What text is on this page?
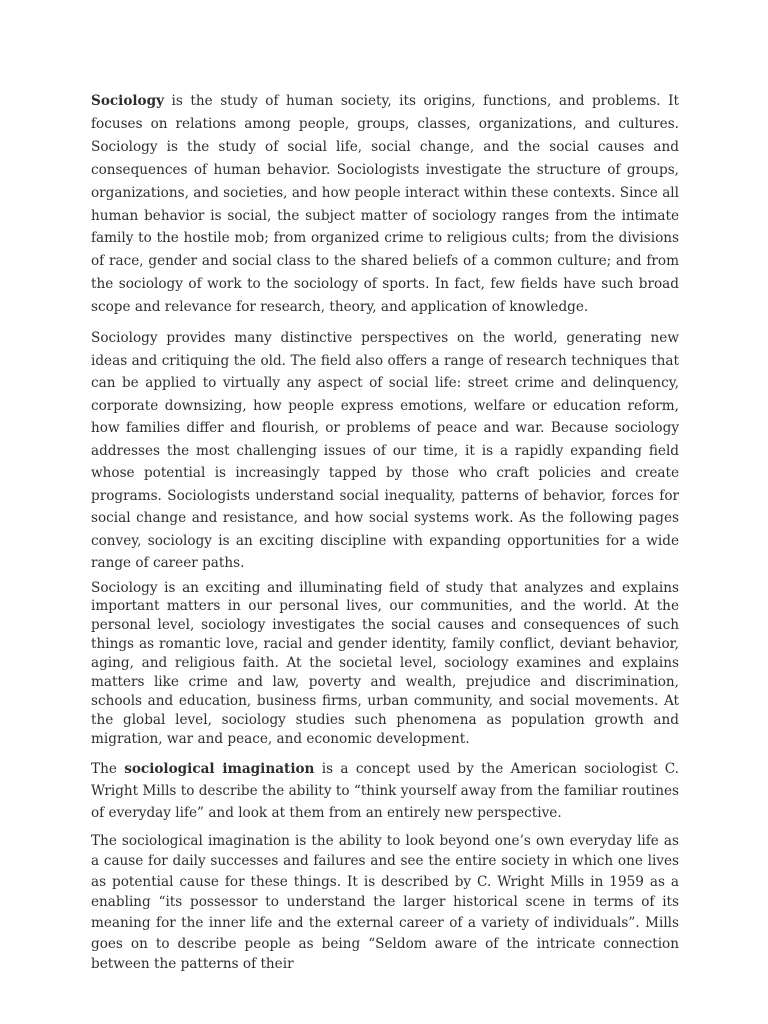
Sociology is the study of human society, its origins, functions, and problems. It focuses on relations among people, groups, classes, organizations, and cultures. Sociology is the study of social life, social change, and the social causes and consequences of human behavior. Sociologists investigate the structure of groups, organizations, and societies, and how people interact within these contexts. Since all human behavior is social, the subject matter of sociology ranges from the intimate family to the hostile mob; from organized crime to religious cults; from the divisions of race, gender and social class to the shared beliefs of a common culture; and from the sociology of work to the sociology of sports. In fact, few fields have such broad scope and relevance for research, theory, and application of knowledge.

Sociology provides many distinctive perspectives on the world, generating new ideas and critiquing the old. The field also offers a range of research techniques that can be applied to virtually any aspect of social life: street crime and delinquency, corporate downsizing, how people express emotions, welfare or education reform, how families differ and flourish, or problems of peace and war. Because sociology addresses the most challenging issues of our time, it is a rapidly expanding field whose potential is increasingly tapped by those who craft policies and create programs. Sociologists understand social inequality, patterns of behavior, forces for social change and resistance, and how social systems work. As the following pages convey, sociology is an exciting discipline with expanding opportunities for a wide range of career paths.

Sociology is an exciting and illuminating field of study that analyzes and explains important matters in our personal lives, our communities, and the world. At the personal level, sociology investigates the social causes and consequences of such things as romantic love, racial and gender identity, family conflict, deviant behavior, aging, and religious faith. At the societal level, sociology examines and explains matters like crime and law, poverty and wealth, prejudice and discrimination, schools and education, business firms, urban community, and social movements. At the global level, sociology studies such phenomena as population growth and migration, war and peace, and economic development.

The sociological imagination is a concept used by the American sociologist C. Wright Mills to describe the ability to “think yourself away from the familiar routines of everyday life” and look at them from an entirely new perspective.

The sociological imagination is the ability to look beyond one’s own everyday life as a cause for daily successes and failures and see the entire society in which one lives as potential cause for these things. It is described by C. Wright Mills in 1959 as a enabling “its possessor to understand the larger historical scene in terms of its meaning for the inner life and the external career of a variety of individuals”. Mills goes on to describe people as being “Seldom aware of the intricate connection between the patterns of their
